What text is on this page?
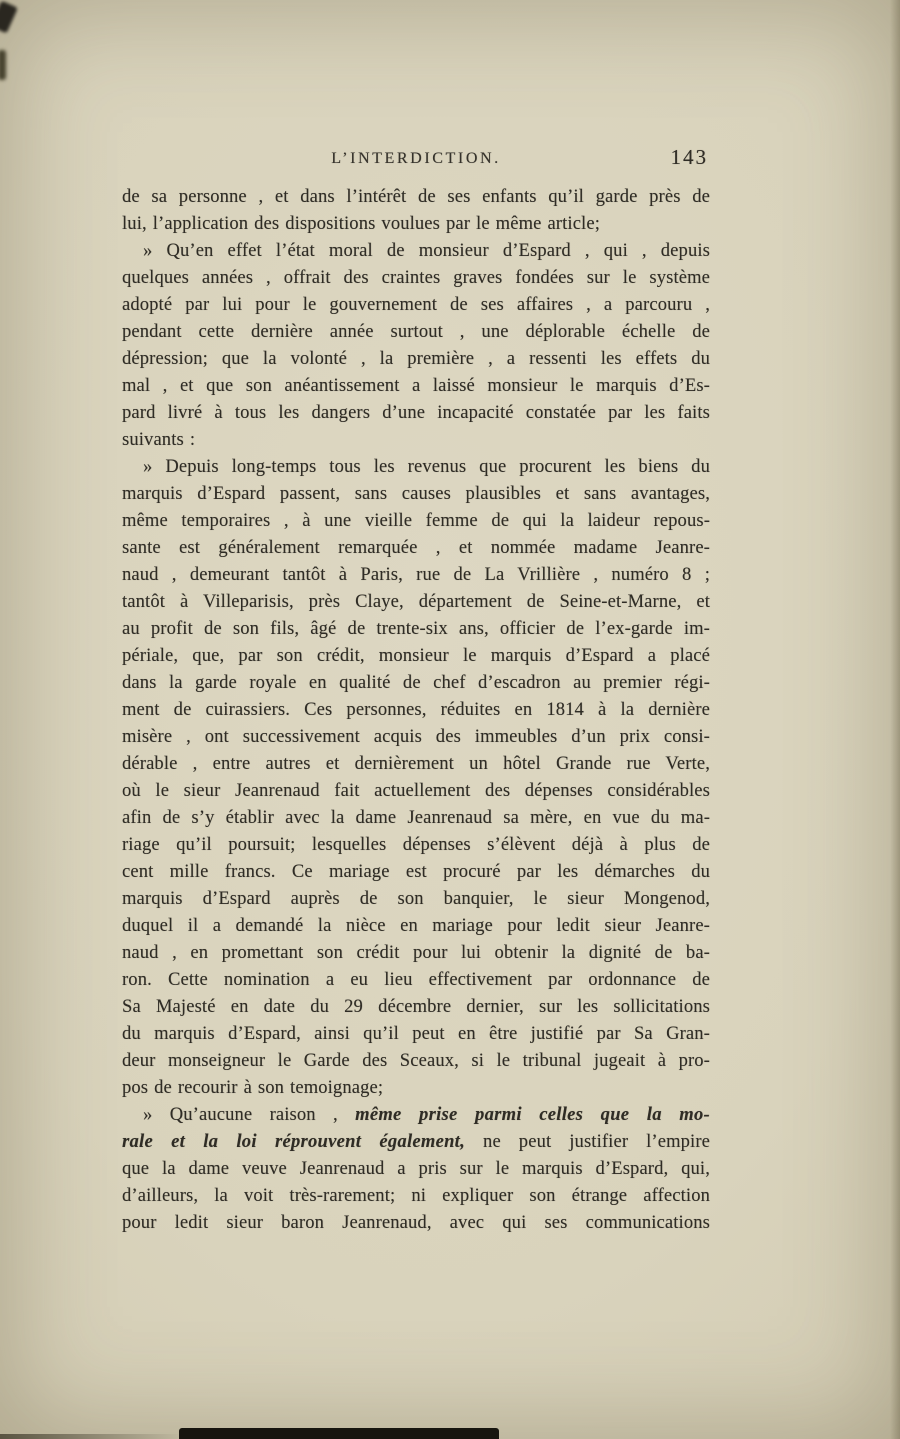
L’INTERDICTION.	143
de sa personne , et dans l’intérêt de ses enfants qu’il garde près de
lui, l’application des dispositions voulues par le même article;
» Qu’en effet l’état moral de monsieur d’Espard , qui , depuis
quelques années , offrait des craintes graves fondées sur le système
adopté par lui pour le gouvernement de ses affaires , a parcouru ,
pendant cette dernière année surtout , une déplorable échelle de
dépression; que la volonté , la première , a ressenti les effets du
mal , et que son anéantissement a laissé monsieur le marquis d’Es-
pard livré à tous les dangers d’une incapacité constatée par les faits
suivants :
» Depuis long-temps tous les revenus que procurent les biens du
marquis d’Espard passent, sans causes plausibles et sans avantages,
même temporaires , à une vieille femme de qui la laideur repous-
sante est généralement remarquée , et nommée madame Jeanre-
naud , demeurant tantôt à Paris, rue de La Vrillière , numéro 8 ;
tantôt à Villeparisis, près Claye, département de Seine-et-Marne, et
au profit de son fils, âgé de trente-six ans, officier de l’ex-garde im-
périale, que, par son crédit, monsieur le marquis d’Espard a placé
dans la garde royale en qualité de chef d’escadron au premier régi-
ment de cuirassiers. Ces personnes, réduites en 1814 à la dernière
misère , ont successivement acquis des immeubles d’un prix consi-
dérable , entre autres et dernièrement un hôtel Grande rue Verte,
où le sieur Jeanrenaud fait actuellement des dépenses considérables
afin de s’y établir avec la dame Jeanrenaud sa mère, en vue du ma-
riage qu’il poursuit; lesquelles dépenses s’élèvent déjà à plus de
cent mille francs. Ce mariage est procuré par les démarches du
marquis d’Espard auprès de son banquier, le sieur Mongenod,
duquel il a demandé la nièce en mariage pour ledit sieur Jeanre-
naud , en promettant son crédit pour lui obtenir la dignité de ba-
ron. Cette nomination a eu lieu effectivement par ordonnance de
Sa Majesté en date du 29 décembre dernier, sur les sollicitations
du marquis d’Espard, ainsi qu’il peut en être justifié par Sa Gran-
deur monseigneur le Garde des Sceaux, si le tribunal jugeait à pro-
pos de recourir à son temoignage;
» Qu’aucune raison , même prise parmi celles que la mo-
rale et la loi réprouvent également, ne peut justifier l’empire
que la dame veuve Jeanrenaud a pris sur le marquis d’Espard, qui,
d’ailleurs, la voit très-rarement; ni expliquer son étrange affection
pour ledit sieur baron Jeanrenaud, avec qui ses communications
